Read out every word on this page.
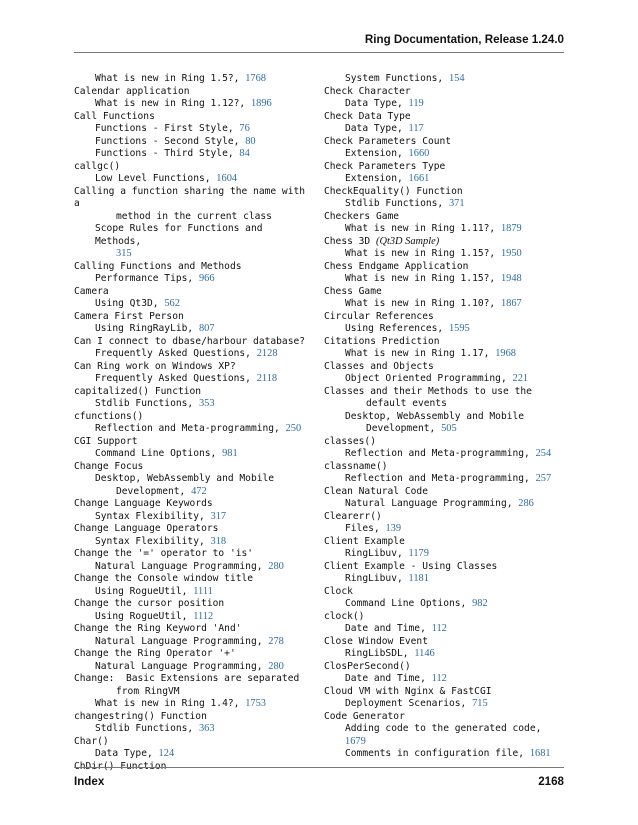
Ring Documentation, Release 1.24.0
What is new in Ring 1.5?, 1768
Calendar application
What is new in Ring 1.12?, 1896
Call Functions
Functions - First Style, 76
Functions - Second Style, 80
Functions - Third Style, 84
callgc()
Low Level Functions, 1604
Calling a function sharing the name with a
method in the current class
Scope Rules for Functions and Methods,
315
Calling Functions and Methods
Performance Tips, 966
Camera
Using Qt3D, 562
Camera First Person
Using RingRayLib, 807
Can I connect to dbase/harbour database?
Frequently Asked Questions, 2128
Can Ring work on Windows XP?
Frequently Asked Questions, 2118
capitalized() Function
Stdlib Functions, 353
cfunctions()
Reflection and Meta-programming, 250
CGI Support
Command Line Options, 981
Change Focus
Desktop, WebAssembly and Mobile
Development, 472
Change Language Keywords
Syntax Flexibility, 317
Change Language Operators
Syntax Flexibility, 318
Change the '=' operator to 'is'
Natural Language Programming, 280
Change the Console window title
Using RogueUtil, 1111
Change the cursor position
Using RogueUtil, 1112
Change the Ring Keyword 'And'
Natural Language Programming, 278
Change the Ring Operator '+'
Natural Language Programming, 280
Change:  Basic Extensions are separated
from RingVM
What is new in Ring 1.4?, 1753
changestring() Function
Stdlib Functions, 363
Char()
Data Type, 124
ChDir() Function
System Functions, 154
Check Character
Data Type, 119
Check Data Type
Data Type, 117
Check Parameters Count
Extension, 1660
Check Parameters Type
Extension, 1661
CheckEquality() Function
Stdlib Functions, 371
Checkers Game
What is new in Ring 1.11?, 1879
Chess 3D (Qt3D Sample)
What is new in Ring 1.15?, 1950
Chess Endgame Application
What is new in Ring 1.15?, 1948
Chess Game
What is new in Ring 1.10?, 1867
Circular References
Using References, 1595
Citations Prediction
What is new in Ring 1.17, 1968
Classes and Objects
Object Oriented Programming, 221
Classes and their Methods to use the
default events
Desktop, WebAssembly and Mobile
Development, 505
classes()
Reflection and Meta-programming, 254
classname()
Reflection and Meta-programming, 257
Clean Natural Code
Natural Language Programming, 286
Clearerr()
Files, 139
Client Example
RingLibuv, 1179
Client Example - Using Classes
RingLibuv, 1181
Clock
Command Line Options, 982
clock()
Date and Time, 112
Close Window Event
RingLibSDL, 1146
ClosPerSecond()
Date and Time, 112
Cloud VM with Nginx & FastCGI
Deployment Scenarios, 715
Code Generator
Adding code to the generated code, 1679
Comments in configuration file, 1681
Index	2168
